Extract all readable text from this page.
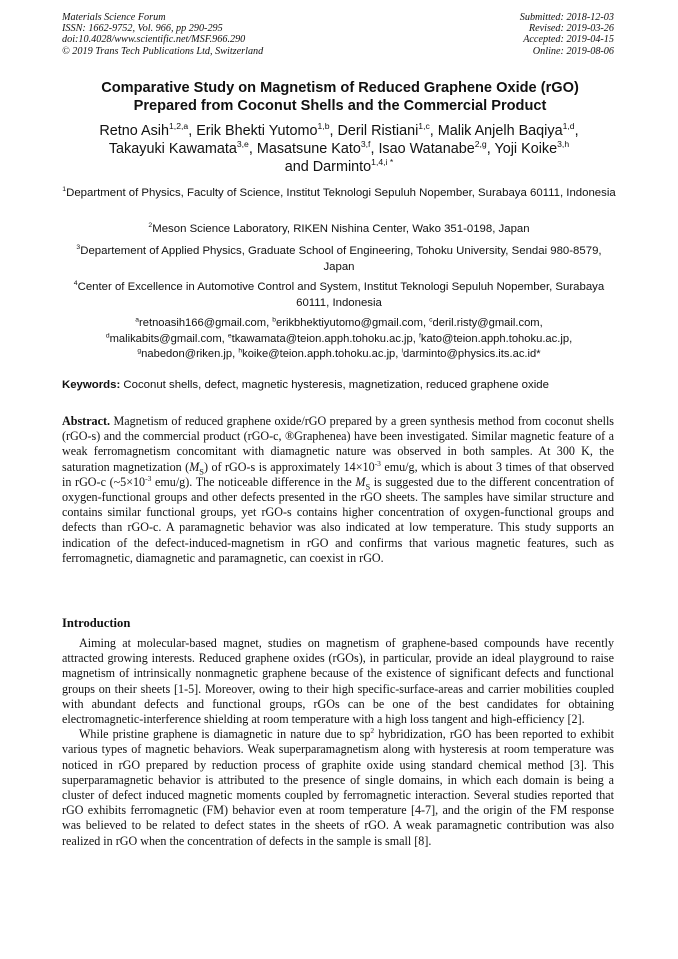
Materials Science Forum
ISSN: 1662-9752, Vol. 966, pp 290-295
doi:10.4028/www.scientific.net/MSF.966.290
© 2019 Trans Tech Publications Ltd, Switzerland
Submitted: 2018-12-03
Revised: 2019-03-26
Accepted: 2019-04-15
Online: 2019-08-06
Comparative Study on Magnetism of Reduced Graphene Oxide (rGO)
Prepared from Coconut Shells and the Commercial Product
Retno Asih$^{1,2,a}$, Erik Bhekti Yutomo$^{1,b}$, Deril Ristiani$^{1,c}$, Malik Anjelh Baqiya$^{1,d}$,
Takayuki Kawamata$^{3,e}$, Masatsune Kato$^{3,f}$, Isao Watanabe$^{2,g}$, Yoji Koike$^{3,h}$
and Darminto$^{1,4,i *}$
$^1$Department of Physics, Faculty of Science, Institut Teknologi Sepuluh Nopember, Surabaya 60111, Indonesia
$^2$Meson Science Laboratory, RIKEN Nishina Center, Wako 351-0198, Japan
$^3$Departement of Applied Physics, Graduate School of Engineering, Tohoku University, Sendai 980-8579, Japan
$^4$Center of Excellence in Automotive Control and System, Institut Teknologi Sepuluh Nopember, Surabaya 60111, Indonesia
$^a$retnoasih166@gmail.com, $^b$erikbhektiyutomo@gmail.com, $^c$deril.risty@gmail.com,
$^d$malikabits@gmail.com, $^e$tkawamata@teion.apph.tohoku.ac.jp, $^f$kato@teion.apph.tohoku.ac.jp,
$^g$nabedon@riken.jp, $^h$koike@teion.apph.tohoku.ac.jp, $^i$darminto@physics.its.ac.id*
Keywords: Coconut shells, defect, magnetic hysteresis, magnetization, reduced graphene oxide
Abstract. Magnetism of reduced graphene oxide/rGO prepared by a green synthesis method from coconut shells (rGO-s) and the commercial product (rGO-c, ®Graphenea) have been investigated. Similar magnetic feature of a weak ferromagnetism concomitant with diamagnetic nature was observed in both samples. At 300 K, the saturation magnetization $(M_S)$ of rGO-s is approximately $14\times 10^{-3}$ emu/g, which is about 3 times of that observed in rGO-c ($\sim 5\times 10^{-3}$ emu/g). The noticeable difference in the $M_S$ is suggested due to the different concentration of oxygen-functional groups and other defects presented in the rGO sheets. The samples have similar structure and contains similar functional groups, yet rGO-s contains higher concentration of oxygen-functional groups and defects than rGO-c. A paramagnetic behavior was also indicated at low temperature. This study supports an indication of the defect-induced-magnetism in rGO and confirms that various magnetic features, such as ferromagnetic, diamagnetic and paramagnetic, can coexist in rGO.
Introduction

Aiming at molecular-based magnet, studies on magnetism of graphene-based compounds have recently attracted growing interests. Reduced graphene oxides (rGOs), in particular, provide an ideal playground to raise magnetism of intrinsically nonmagnetic graphene because of the existence of significant defects and functional groups on their sheets [1-5]. Moreover, owing to their high specific-surface-areas and carrier mobilities coupled with abundant defects and functional groups, rGOs can be one of the best candidates for obtaining electromagnetic-interference shielding at room temperature with a high loss tangent and high-efficiency [2].

While pristine graphene is diamagnetic in nature due to $sp^2$ hybridization, rGO has been reported to exhibit various types of magnetic behaviors. Weak superparamagnetism along with hysteresis at room temperature was noticed in rGO prepared by reduction process of graphite oxide using standard chemical method [3]. This superparamagnetic behavior is attributed to the presence of single domains, in which each domain is being a cluster of defect induced magnetic moments coupled by ferromagnetic interaction. Several studies reported that rGO exhibits ferromagnetic (FM) behavior even at room temperature [4-7], and the origin of the FM response was believed to be related to defect states in the sheets of rGO. A weak paramagnetic contribution was also realized in rGO when the concentration of defects in the sample is small [8].
